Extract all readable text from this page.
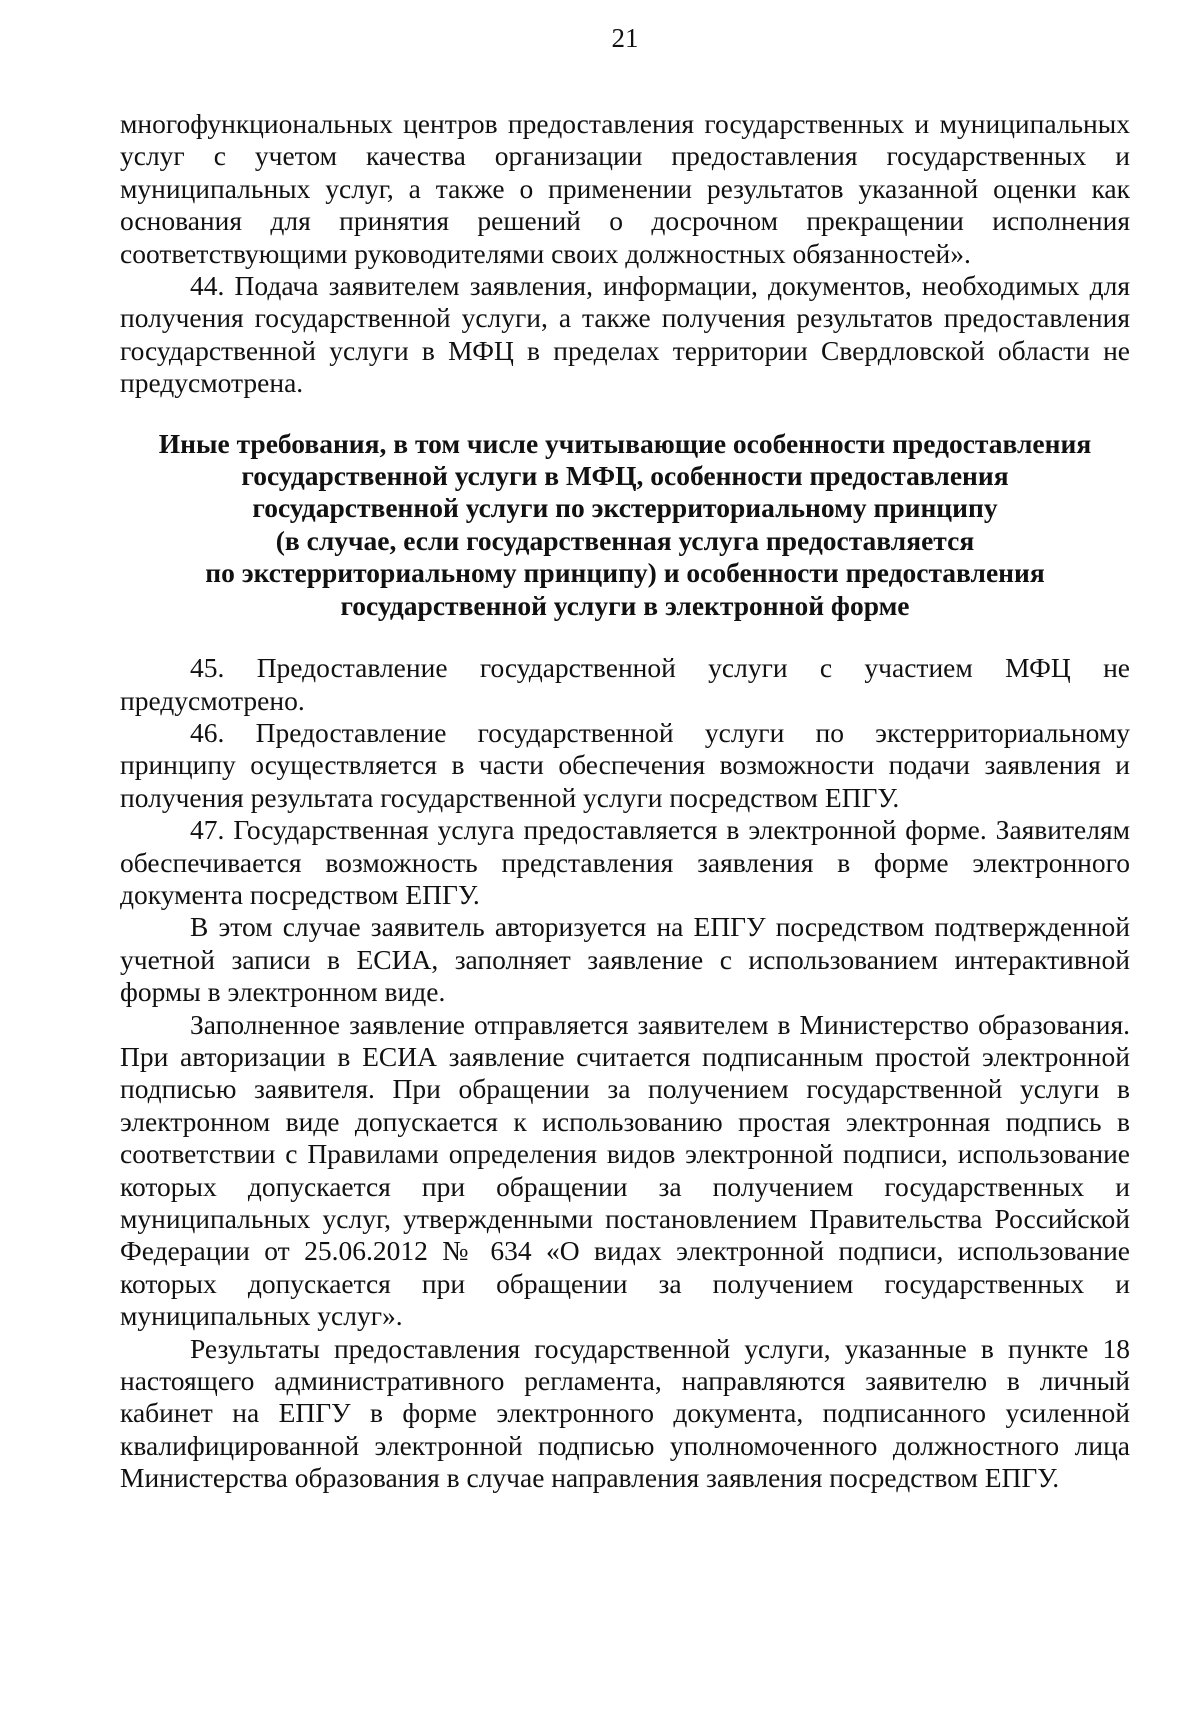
21

многофункциональных центров предоставления государственных и муниципальных услуг с учетом качества организации предоставления государственных и муниципальных услуг, а также о применении результатов указанной оценки как основания для принятия решений о досрочном прекращении исполнения соответствующими руководителями своих должностных обязанностей».

44. Подача заявителем заявления, информации, документов, необходимых для получения государственной услуги, а также получения результатов предоставления государственной услуги в МФЦ в пределах территории Свердловской области не предусмотрена.

Иные требования, в том числе учитывающие особенности предоставления
государственной услуги в МФЦ, особенности предоставления
государственной услуги по экстерриториальному принципу
(в случае, если государственная услуга предоставляется
по экстерриториальному принципу) и особенности предоставления
государственной услуги в электронной форме

45. Предоставление государственной услуги с участием МФЦ не предусмотрено.

46. Предоставление государственной услуги по экстерриториальному принципу осуществляется в части обеспечения возможности подачи заявления и получения результата государственной услуги посредством ЕПГУ.

47. Государственная услуга предоставляется в электронной форме. Заявителям обеспечивается возможность представления заявления в форме электронного документа посредством ЕПГУ.

В этом случае заявитель авторизуется на ЕПГУ посредством подтвержденной учетной записи в ЕСИА, заполняет заявление с использованием интерактивной формы в электронном виде.

Заполненное заявление отправляется заявителем в Министерство образования. При авторизации в ЕСИА заявление считается подписанным простой электронной подписью заявителя. При обращении за получением государственной услуги в электронном виде допускается к использованию простая электронная подпись в соответствии с Правилами определения видов электронной подписи, использование которых допускается при обращении за получением государственных и муниципальных услуг, утвержденными постановлением Правительства Российской Федерации от 25.06.2012 № 634 «О видах электронной подписи, использование которых допускается при обращении за получением государственных и муниципальных услуг».

Результаты предоставления государственной услуги, указанные в пункте 18 настоящего административного регламента, направляются заявителю в личный кабинет на ЕПГУ в форме электронного документа, подписанного усиленной квалифицированной электронной подписью уполномоченного должностного лица Министерства образования в случае направления заявления посредством ЕПГУ.
